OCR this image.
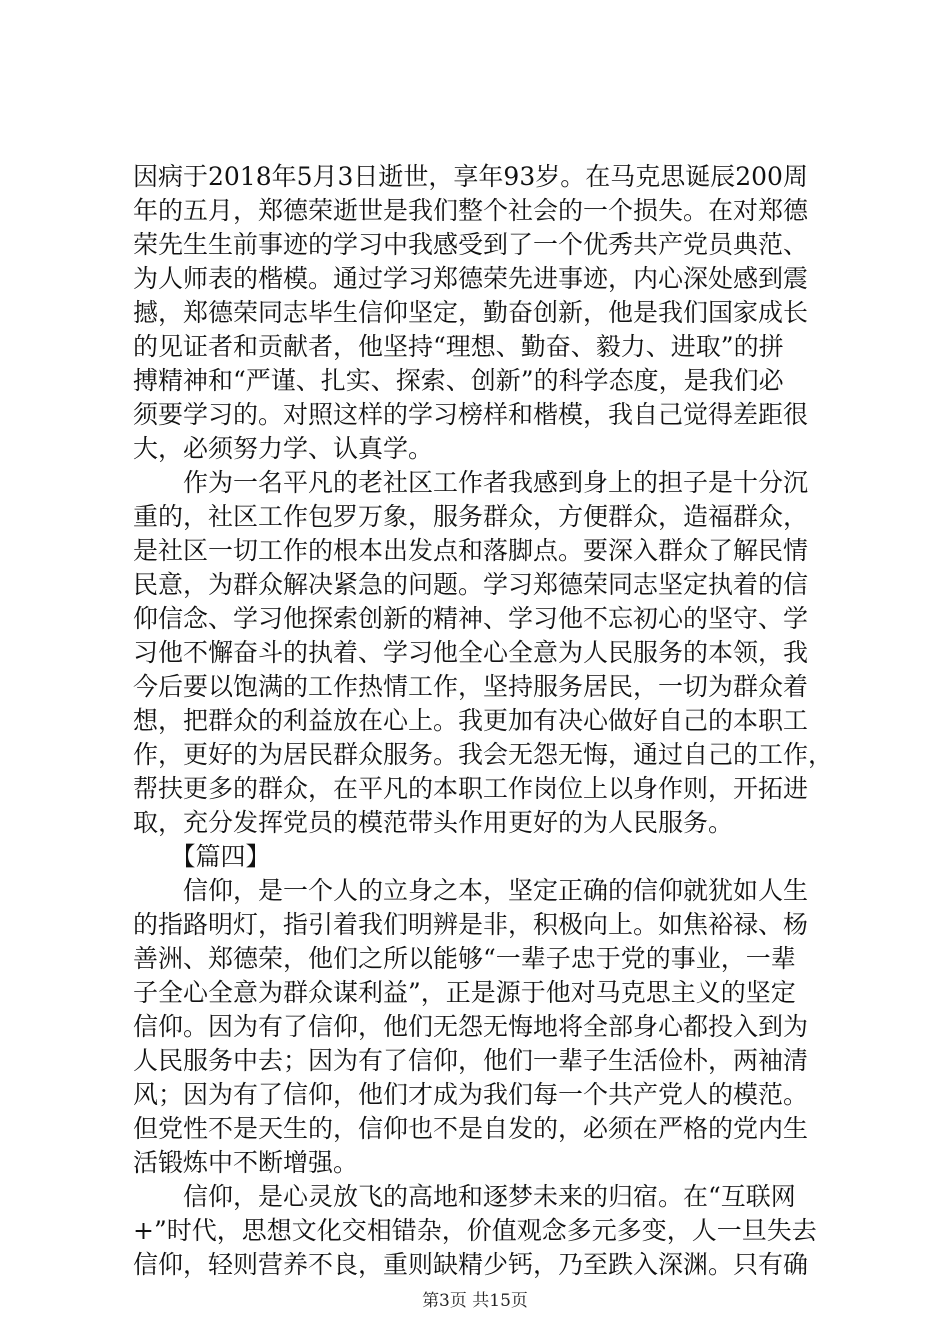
因病于2018年5月3日逝世，享年93岁。在马克思诞辰200周
年的五月，郑德荣逝世是我们整个社会的一个损失。在对郑德
荣先生生前事迹的学习中我感受到了一个优秀共产党员典范、
为人师表的楷模。通过学习郑德荣先进事迹，内心深处感到震
撼，郑德荣同志毕生信仰坚定，勤奋创新，他是我们国家成长
的见证者和贡献者，他坚持“理想、勤奋、毅力、进取”的拼
搏精神和“严谨、扎实、探索、创新”的科学态度，是我们必
须要学习的。对照这样的学习榜样和楷模，我自己觉得差距很
大，必须努力学、认真学。
　　作为一名平凡的老社区工作者我感到身上的担子是十分沉
重的，社区工作包罗万象，服务群众，方便群众，造福群众，
是社区一切工作的根本出发点和落脚点。要深入群众了解民情
民意，为群众解决紧急的问题。学习郑德荣同志坚定执着的信
仰信念、学习他探索创新的精神、学习他不忘初心的坚守、学
习他不懈奋斗的执着、学习他全心全意为人民服务的本领，我
今后要以饱满的工作热情工作，坚持服务居民，一切为群众着
想，把群众的利益放在心上。我更加有决心做好自己的本职工
作，更好的为居民群众服务。我会无怨无悔，通过自己的工作，
帮扶更多的群众，在平凡的本职工作岗位上以身作则，开拓进
取，充分发挥党员的模范带头作用更好的为人民服务。
　　【篇四】
　　信仰，是一个人的立身之本，坚定正确的信仰就犹如人生
的指路明灯，指引着我们明辨是非，积极向上。如焦裕禄、杨
善洲、郑德荣，他们之所以能够“一辈子忠于党的事业，一辈
子全心全意为群众谋利益”，正是源于他对马克思主义的坚定
信仰。因为有了信仰，他们无怨无悔地将全部身心都投入到为
人民服务中去；因为有了信仰，他们一辈子生活俭朴，两袖清
风；因为有了信仰，他们才成为我们每一个共产党人的模范。
但党性不是天生的，信仰也不是自发的，必须在严格的党内生
活锻炼中不断增强。
　　信仰，是心灵放飞的高地和逐梦未来的归宿。在“互联网
+”时代，思想文化交相错杂，价值观念多元多变，人一旦失去
信仰，轻则营养不良，重则缺精少钙，乃至跌入深渊。只有确
第3页 共15页
